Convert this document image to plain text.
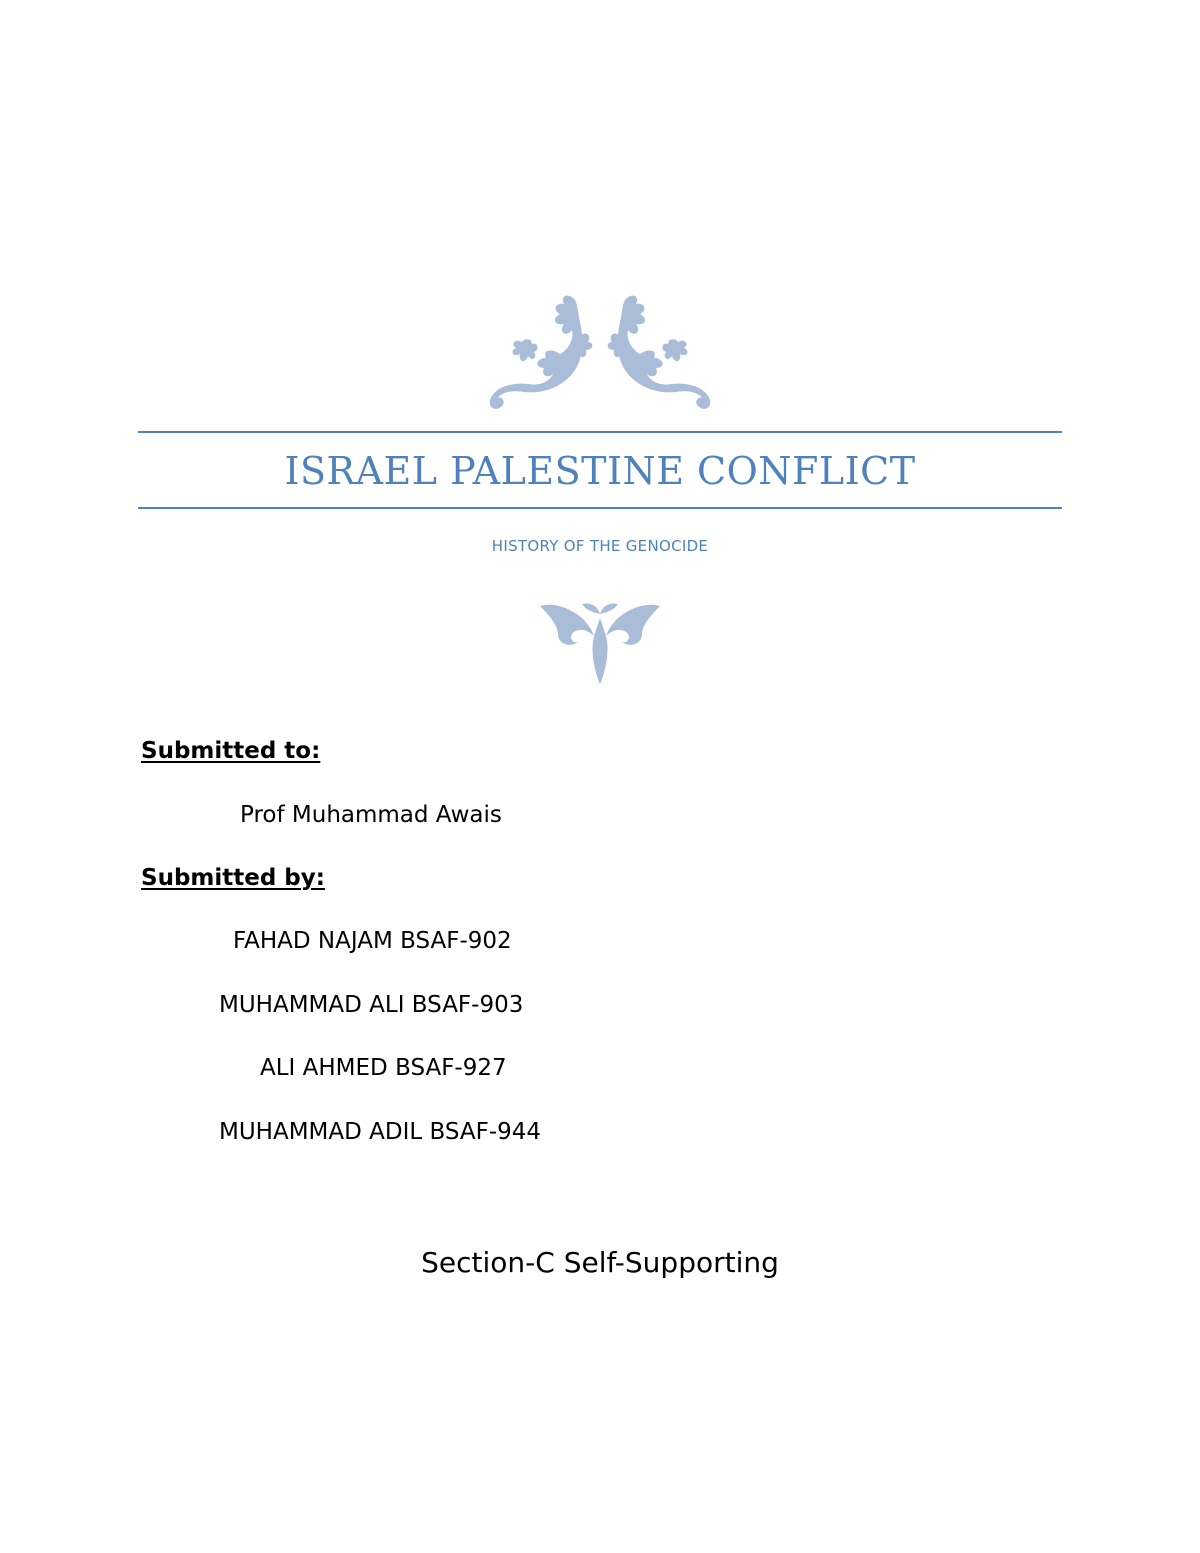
ISRAEL PALESTINE CONFLICT
HISTORY OF THE GENOCIDE
Submitted to:
Prof Muhammad Awais
Submitted by:
FAHAD NAJAM BSAF-902
MUHAMMAD ALI BSAF-903
ALI AHMED BSAF-927
MUHAMMAD ADIL BSAF-944
Section-C Self-Supporting
